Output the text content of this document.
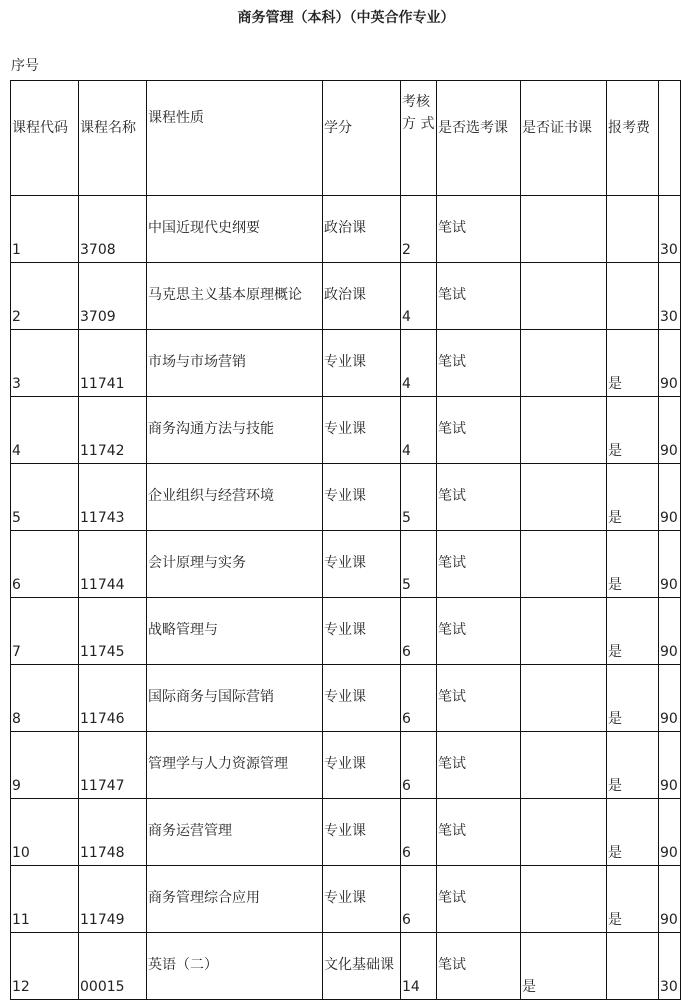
商务管理（本科）（中英合作专业）
序号
课程代码	课程名称	课程性质	学分	考核
方 式	是否选考课	是否证书课	报考费	
1	3708	中国近现代史纲要	政治课	2	笔试			30
2	3709	马克思主义基本原理概论	政治课	4	笔试			30
3	11741	市场与市场营销	专业课	4	笔试		是	90
4	11742	商务沟通方法与技能	专业课	4	笔试		是	90
5	11743	企业组织与经营环境	专业课	5	笔试		是	90
6	11744	会计原理与实务	专业课	5	笔试		是	90
7	11745	战略管理与	专业课	6	笔试		是	90
8	11746	国际商务与国际营销	专业课	6	笔试		是	90
9	11747	管理学与人力资源管理	专业课	6	笔试		是	90
10	11748	商务运营管理	专业课	6	笔试		是	90
11	11749	商务管理综合应用	专业课	6	笔试		是	90
12	00015	英语（二）	文化基础课	14	笔试	是		30
